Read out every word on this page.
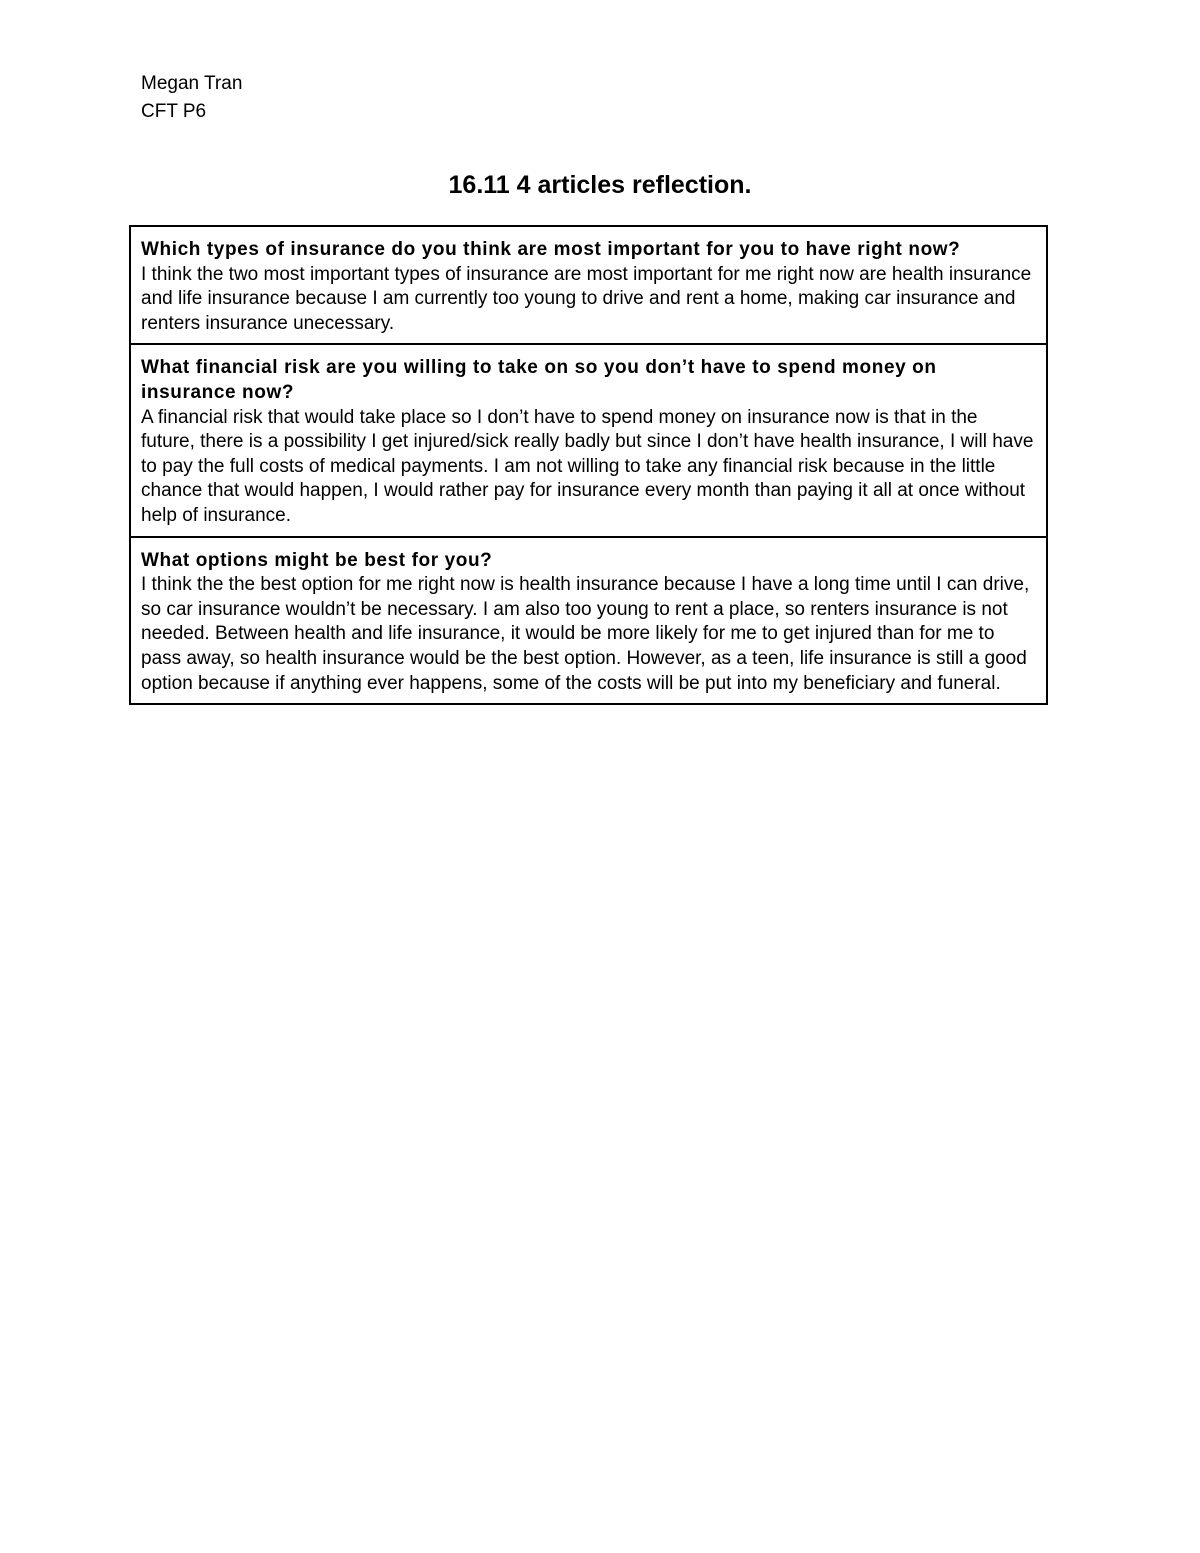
Megan Tran
CFT P6
16.11 4 articles reflection.
Which types of insurance do you think are most important for you to have right now?
I think the two most important types of insurance are most important for me right now are health insurance and life insurance because I am currently too young to drive and rent a home, making car insurance and renters insurance unecessary.
What financial risk are you willing to take on so you don’t have to spend money on insurance now?
A financial risk that would take place so I don’t have to spend money on insurance now is that in the future, there is a possibility I get injured/sick really badly but since I don’t have health insurance, I will have to pay the full costs of medical payments. I am not willing to take any financial risk because in the little chance that would happen, I would rather pay for insurance every month than paying it all at once without help of insurance.
What options might be best for you?
I think the the best option for me right now is health insurance because I have a long time until I can drive, so car insurance wouldn’t be necessary. I am also too young to rent a place, so renters insurance is not needed. Between health and life insurance, it would be more likely for me to get injured than for me to pass away, so health insurance would be the best option. However, as a teen, life insurance is still a good option because if anything ever happens, some of the costs will be put into my beneficiary and funeral.
